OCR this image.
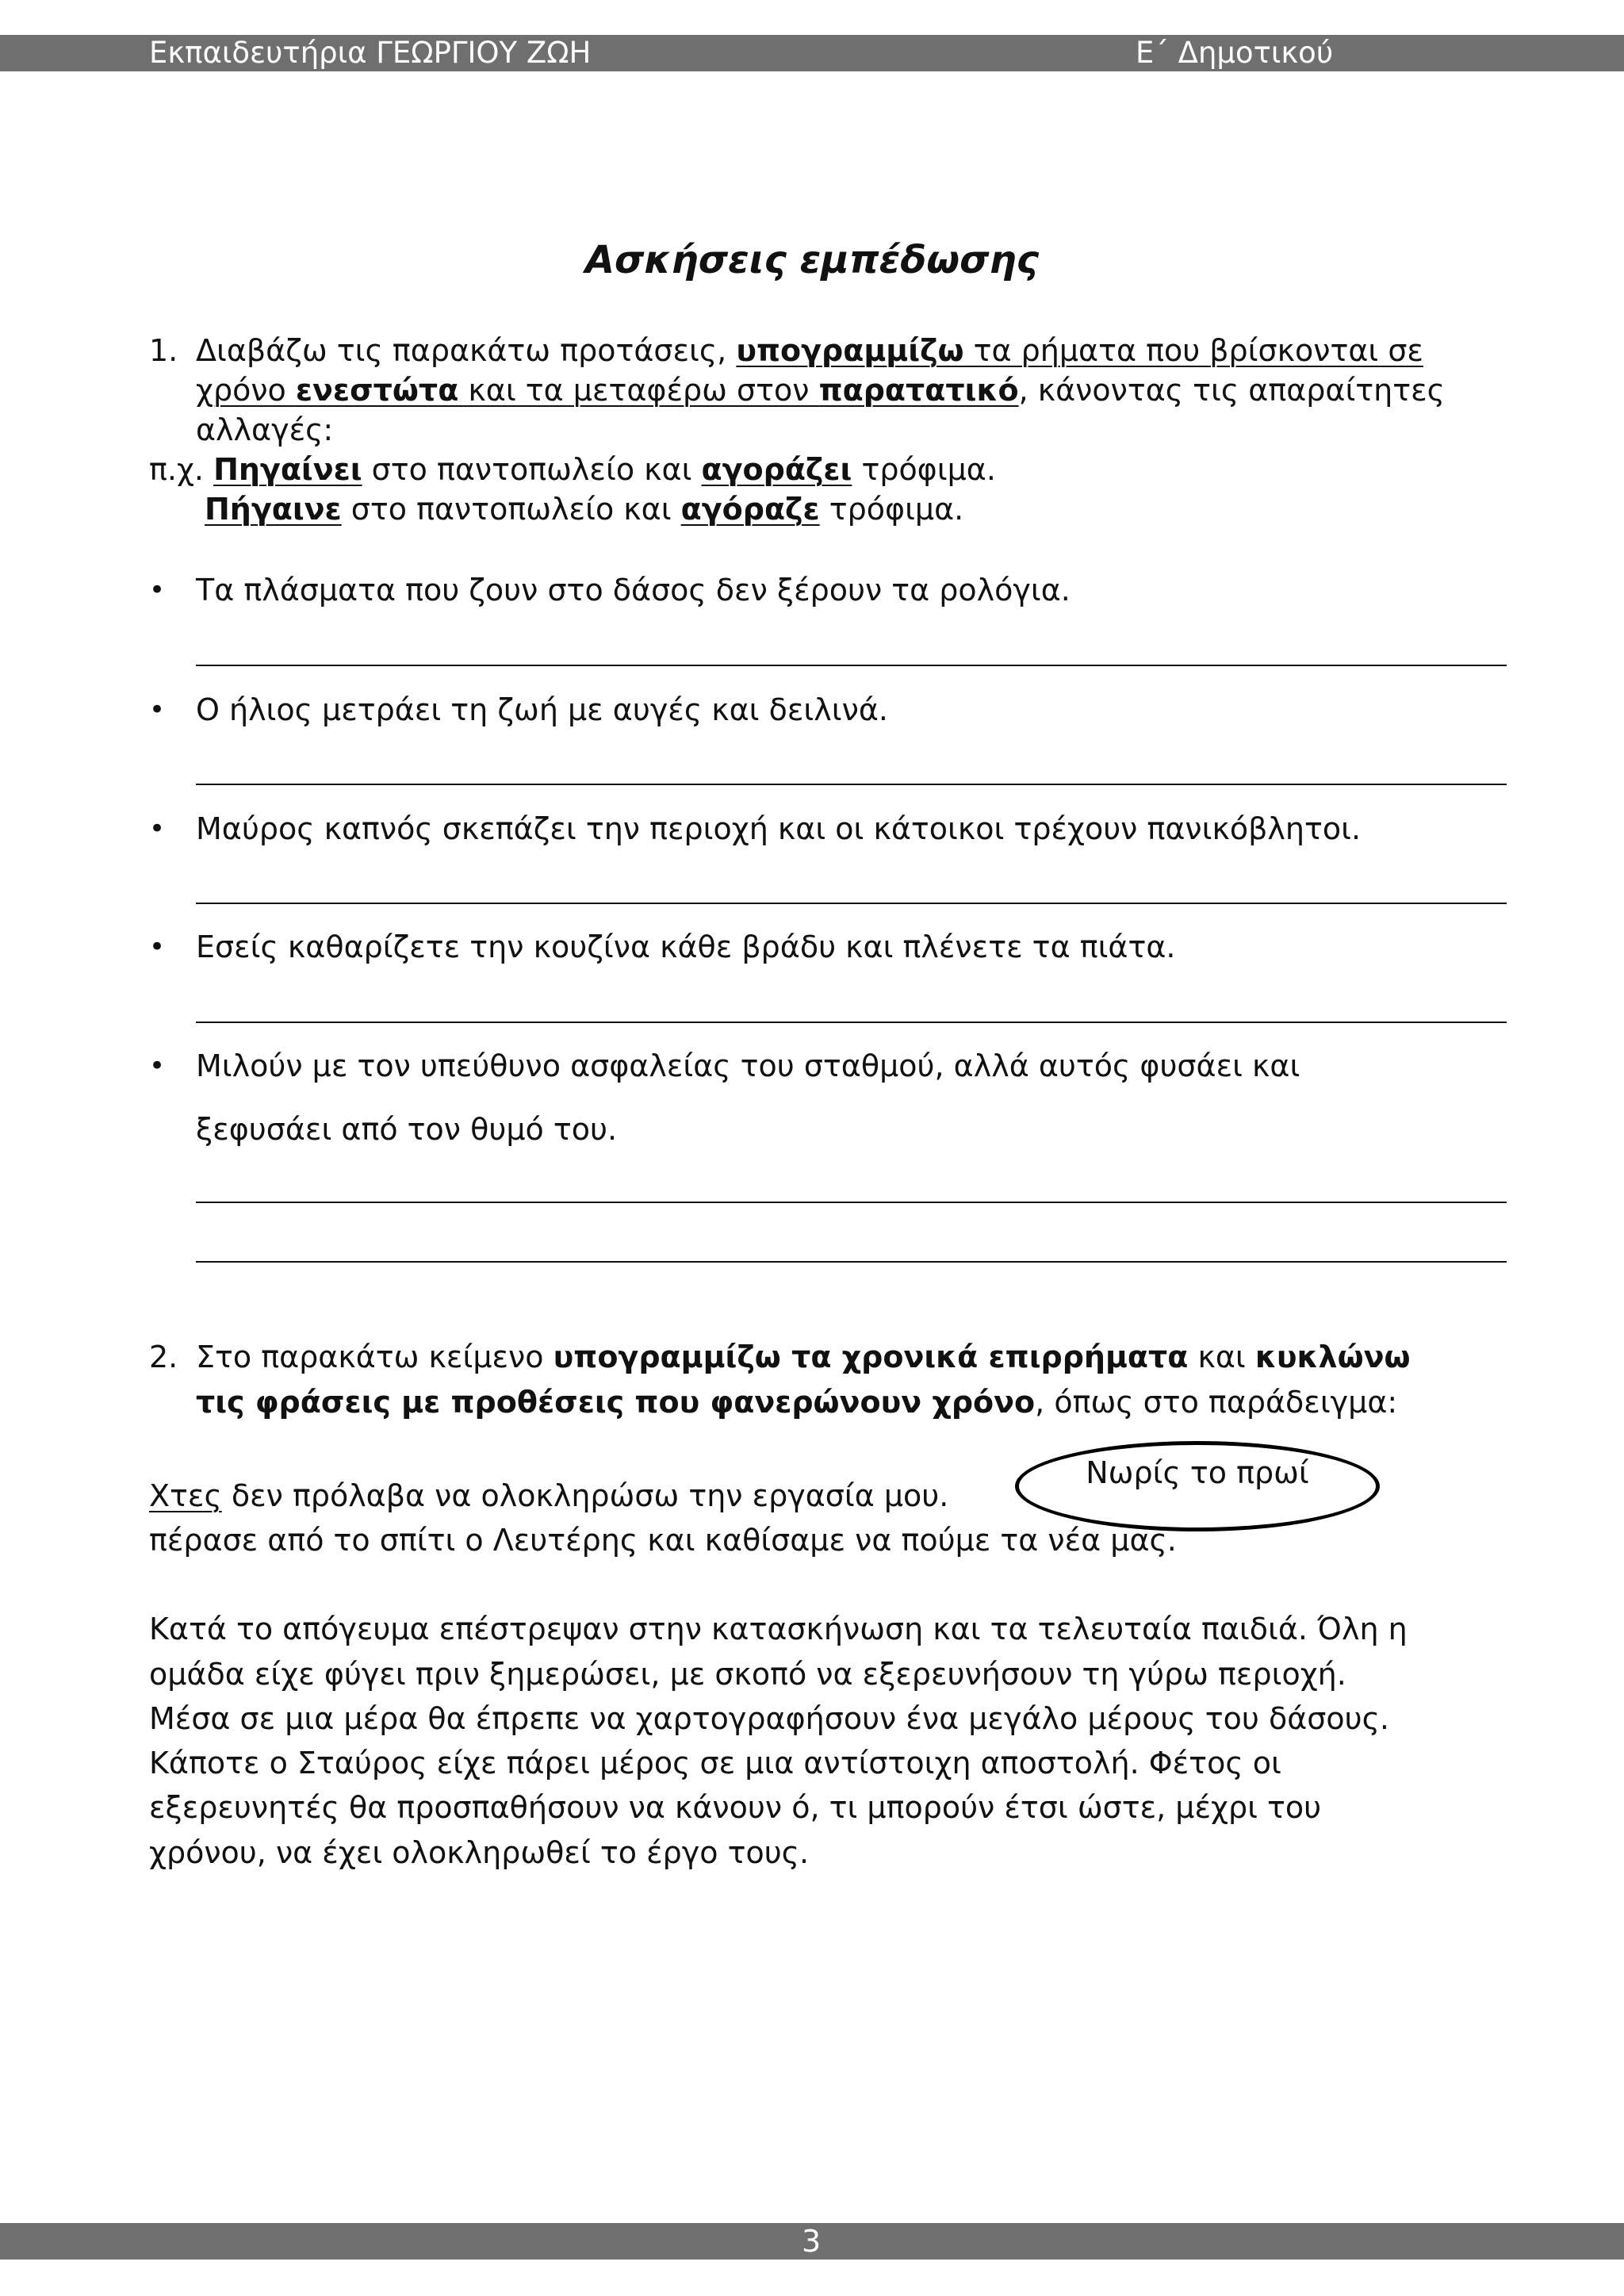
Εκπαιδευτήρια ΓΕΩΡΓΙΟΥ ΖΩΗ	Ε΄ Δημοτικού
Ασκήσεις εμπέδωσης
1. Διαβάζω τις παρακάτω προτάσεις, υπογραμμίζω τα ρήματα που βρίσκονται σε
χρόνο ενεστώτα και τα μεταφέρω στον παρατατικό, κάνοντας τις απαραίτητες
αλλαγές:
π.χ. Πηγαίνει στο παντοπωλείο και αγοράζει τρόφιμα.
Πήγαινε στο παντοπωλείο και αγόραζε τρόφιμα.
• Τα πλάσματα που ζουν στο δάσος δεν ξέρουν τα ρολόγια.
• Ο ήλιος μετράει τη ζωή με αυγές και δειλινά.
• Μαύρος καπνός σκεπάζει την περιοχή και οι κάτοικοι τρέχουν πανικόβλητοι.
• Εσείς καθαρίζετε την κουζίνα κάθε βράδυ και πλένετε τα πιάτα.
• Μιλούν με τον υπεύθυνο ασφαλείας του σταθμού, αλλά αυτός φυσάει και
ξεφυσάει από τον θυμό του.
2. Στο παρακάτω κείμενο υπογραμμίζω τα χρονικά επιρρήματα και κυκλώνω
τις φράσεις με προθέσεις που φανερώνουν χρόνο, όπως στο παράδειγμα:
Χτες δεν πρόλαβα να ολοκληρώσω την εργασία μου.
Νωρίς το πρωί
πέρασε από το σπίτι ο Λευτέρης και καθίσαμε να πούμε τα νέα μας.
Κατά το απόγευμα επέστρεψαν στην κατασκήνωση και τα τελευταία παιδιά. Όλη η
ομάδα είχε φύγει πριν ξημερώσει, με σκοπό να εξερευνήσουν τη γύρω περιοχή.
Μέσα σε μια μέρα θα έπρεπε να χαρτογραφήσουν ένα μεγάλο μέρους του δάσους.
Κάποτε ο Σταύρος είχε πάρει μέρος σε μια αντίστοιχη αποστολή. Φέτος οι
εξερευνητές θα προσπαθήσουν να κάνουν ό, τι μπορούν έτσι ώστε, μέχρι του
χρόνου, να έχει ολοκληρωθεί το έργο τους.
3
